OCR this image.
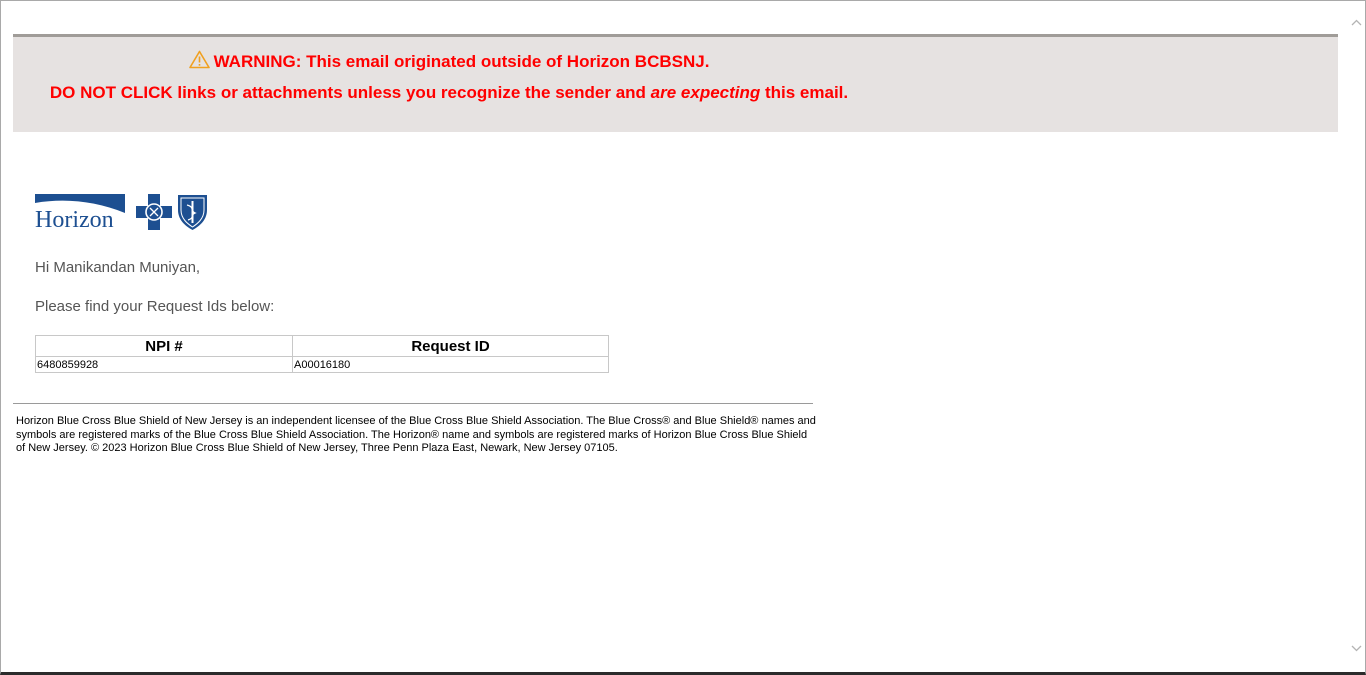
WARNING: This email originated outside of Horizon BCBSNJ.
DO NOT CLICK links or attachments unless you recognize the sender and are expecting this email.
Horizon
Hi Manikandan Muniyan,
Please find your Request Ids below:
NPI #	Request ID
6480859928	A00016180
Horizon Blue Cross Blue Shield of New Jersey is an independent licensee of the Blue Cross Blue Shield Association. The Blue Cross® and Blue Shield® names and symbols are registered marks of the Blue Cross Blue Shield Association. The Horizon® name and symbols are registered marks of Horizon Blue Cross Blue Shield of New Jersey. © 2023 Horizon Blue Cross Blue Shield of New Jersey, Three Penn Plaza East, Newark, New Jersey 07105.
